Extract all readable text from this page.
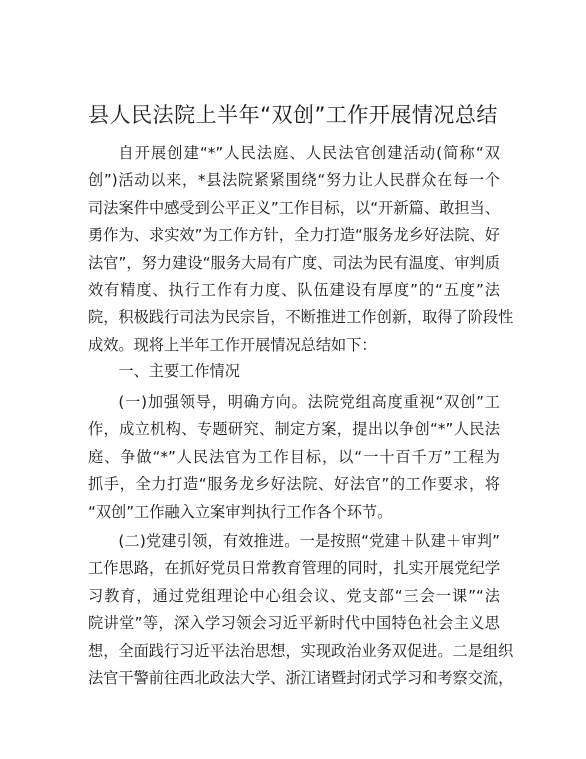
县人民法院上半年“双创”工作开展情况总结
自开展创建“*”人民法庭、人民法官创建活动(简称“双
创”)活动以来，*县法院紧紧围绕“努力让人民群众在每一个
司法案件中感受到公平正义”工作目标，以“开新篇、敢担当、
勇作为、求实效”为工作方针，全力打造“服务龙乡好法院、好
法官”，努力建设“服务大局有广度、司法为民有温度、审判质
效有精度、执行工作有力度、队伍建设有厚度”的“五度”法
院，积极践行司法为民宗旨，不断推进工作创新，取得了阶段性
成效。现将上半年工作开展情况总结如下：
一、主要工作情况
(一)加强领导，明确方向。法院党组高度重视“双创”工
作，成立机构、专题研究、制定方案，提出以争创“*”人民法
庭、争做“*”人民法官为工作目标，以“一十百千万”工程为
抓手，全力打造“服务龙乡好法院、好法官”的工作要求，将
“双创”工作融入立案审判执行工作各个环节。
(二)党建引领，有效推进。一是按照“党建＋队建＋审判”
工作思路，在抓好党员日常教育管理的同时，扎实开展党纪学
习教育，通过党组理论中心组会议、党支部“三会一课”“法
院讲堂”等，深入学习领会习近平新时代中国特色社会主义思
想，全面践行习近平法治思想，实现政治业务双促进。二是组织
法官干警前往西北政法大学、浙江诸暨封闭式学习和考察交流，
